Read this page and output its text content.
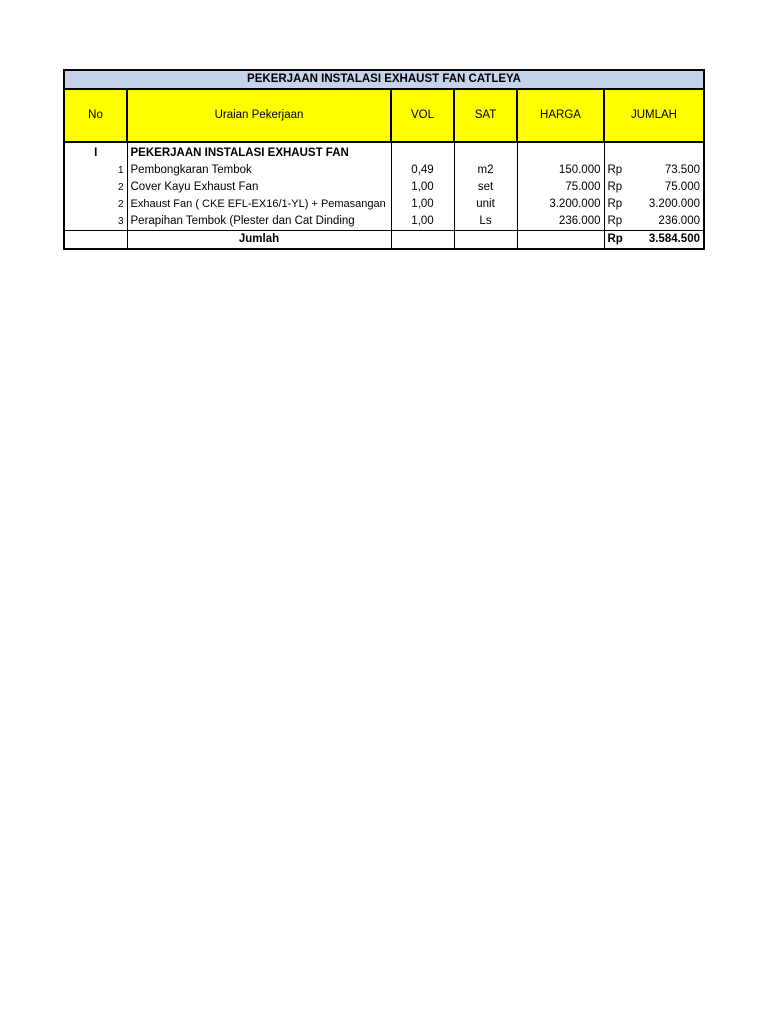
PEKERJAAN INSTALASI EXHAUST FAN CATLEYA					
No	Uraian Pekerjaan	VOL	SAT	HARGA	JUMLAH
I	PEKERJAAN INSTALASI EXHAUST FAN				
1	Pembongkaran Tembok	0,49	m2	150.000	Rp 73.500

2	Cover Kayu Exhaust Fan	1,00	set	75.000	Rp 75.000

2	Exhaust Fan ( CKE EFL-EX16/1-YL) + Pemasangan	1,00	unit	3.200.000	Rp 3.200.000

3	Perapihan Tembok (Plester dan Cat Dinding	1,00	Ls	236.000	Rp 236.000

	Jumlah				Rp 3.584.500
